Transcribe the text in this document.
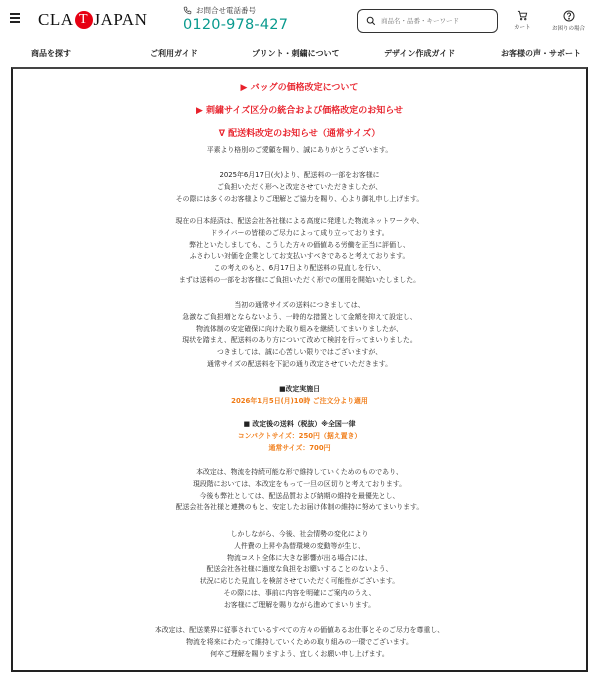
CLA T JAPAN	お問合せ電話番号
0120-978-427
商品名・品番・キーワード	カート	お困りの場合
商品を探す	ご利用ガイド	プリント・刺繍について	デザイン作成ガイド	お客様の声・サポート
▶ バッグの価格改定について
▶ 刺繍サイズ区分の統合および価格改定のお知らせ
∇ 配送料改定のお知らせ（通常サイズ）
平素より格別のご愛顧を賜り、誠にありがとうございます。
2025年6月17日(火)より、配送料の一部をお客様に
ご負担いただく形へと改定させていただきましたが、
その際には多くのお客様よりご理解とご協力を賜り、心より御礼申し上げます。
現在の日本経済は、配送会社各社様による高度に発達した物流ネットワークや、
ドライバーの皆様のご尽力によって成り立っております。
弊社といたしましても、こうした方々の価値ある労働を正当に評価し、
ふさわしい対価を企業としてお支払いすべきであると考えております。
この考えのもと、6月17日より配送料の見直しを行い、
まずは送料の一部をお客様にご負担いただく形での運用を開始いたしました。
当初の通常サイズの送料につきましては、
急激なご負担増とならないよう、一時的な措置として金額を抑えて設定し、
物流体制の安定確保に向けた取り組みを継続してまいりましたが、
現状を踏まえ、配送料のあり方について改めて検討を行ってまいりました。
つきましては、誠に心苦しい限りではございますが、
通常サイズの配送料を下記の通り改定させていただきます。
■改定実施日
2026年1月5日(月)10時 ご注文分より適用
■ 改定後の送料（税抜）※全国一律
コンパクトサイズ：250円（据え置き）
通常サイズ：700円
本改定は、物流を持続可能な形で維持していくためのものであり、
現段階においては、本改定をもって一旦の区切りと考えております。
今後も弊社としては、配送品質および納期の維持を最優先とし、
配送会社各社様と連携のもと、安定したお届け体制の維持に努めてまいります。
しかしながら、今後、社会情勢の変化により
人件費の上昇や為替環境の変動等が生じ、
物流コスト全体に大きな影響が出る場合には、
配送会社各社様に過度な負担をお願いすることのないよう、
状況に応じた見直しを検討させていただく可能性がございます。
その際には、事前に内容を明確にご案内のうえ、
お客様にご理解を賜りながら進めてまいります。
本改定は、配送業界に従事されているすべての方々の価値あるお仕事とそのご尽力を尊重し、
物流を将来にわたって維持していくための取り組みの一環でございます。
何卒ご理解を賜りますよう、宜しくお願い申し上げます。
